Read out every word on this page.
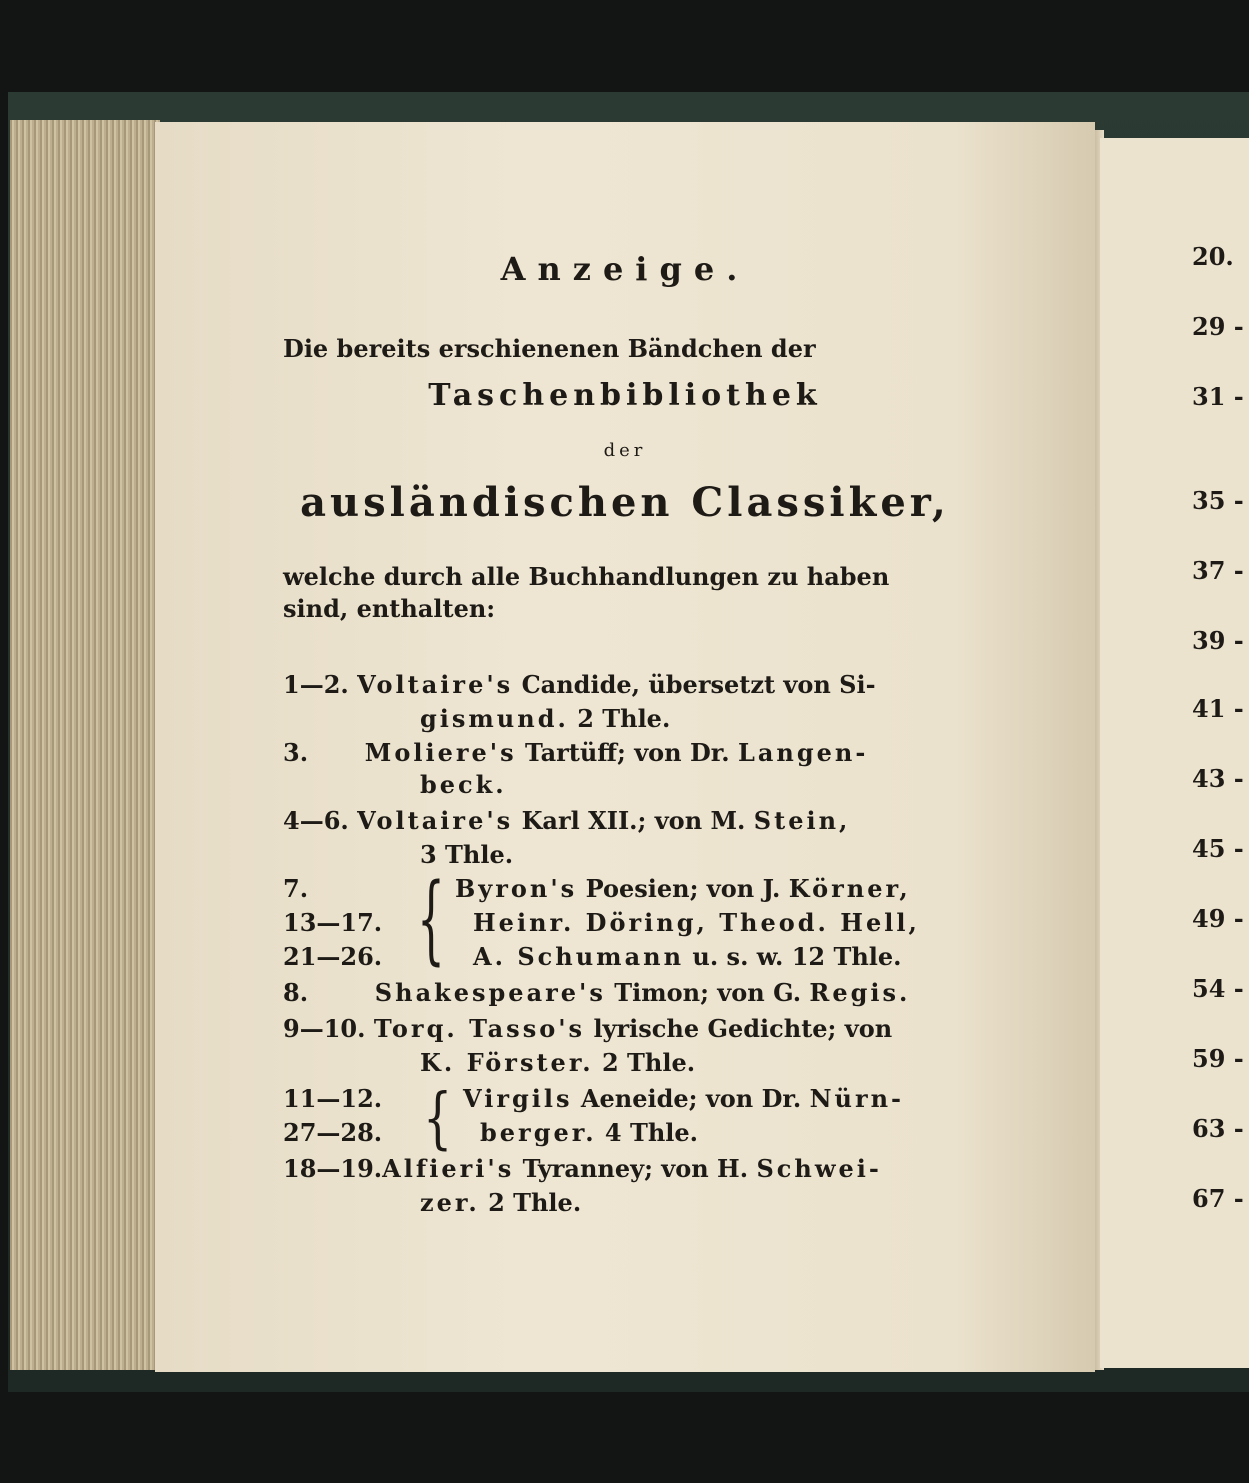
Anzeige.
Die bereits erschienenen Bändchen der
Taschenbibliothek
der
ausländischen Classiker,
welche durch alle Buchhandlungen zu haben
sind, enthalten:
1—2. Voltaire's Candide, übersetzt von Si-
gismund. 2 Thle.
3. Moliere's Tartüff; von Dr. Langen-
beck.
4—6. Voltaire's Karl XII.; von M. Stein,
3 Thle.
7.
13—17.
21—26. { Byron's Poesien; von J. Körner,
Heinr. Döring, Theod. Hell,
A. Schumann u. s. w. 12 Thle.
8.	Shakespeare's Timon; von G. Regis.
9—10. Torq. Tasso's lyrische Gedichte; von
K. Förster. 2 Thle.
11—12.
27—28. { Virgils Aeneide; von Dr. Nürn-
berger. 4 Thle.
18—19.Alfieri's Tyranney; von H. Schwei-
zer. 2 Thle.
20.
29 -
31 -
35 -
37 -
39 -
41 -
43 -
45 -
49 -
54 -
59 -
63 -
67 -
